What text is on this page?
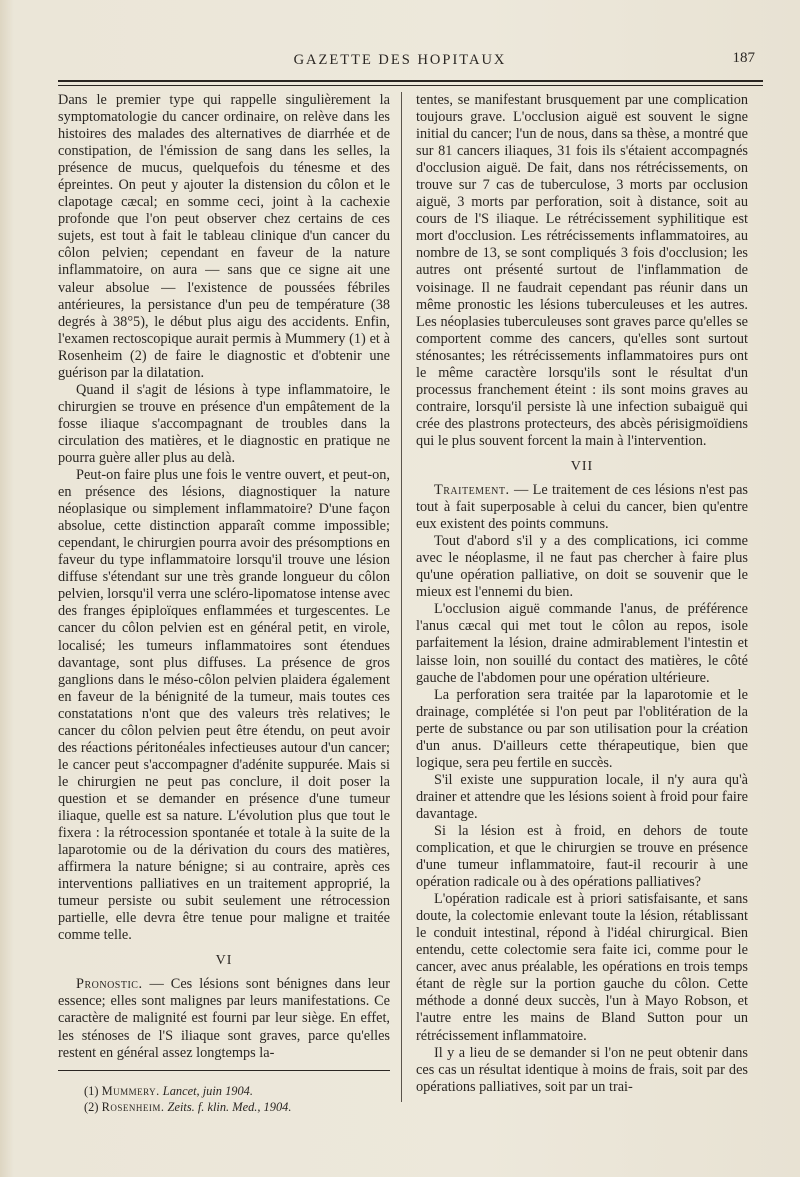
GAZETTE DES HOPITAUX	187

Dans le premier type qui rappelle singulièrement la symptomatologie du cancer ordinaire, on relève dans les histoires des malades des alternatives de diarrhée et de constipation, de l'émission de sang dans les selles, la présence de mucus, quelquefois du ténesme et des épreintes. On peut y ajouter la distension du côlon et le clapotage cæcal; en somme ceci, joint à la cachexie profonde que l'on peut observer chez certains de ces sujets, est tout à fait le tableau clinique d'un cancer du côlon pelvien; cependant en faveur de la nature inflammatoire, on aura — sans que ce signe ait une valeur absolue — l'existence de poussées fébriles antérieures, la persistance d'un peu de température (38 degrés à 38°5), le début plus aigu des accidents. Enfin, l'examen rectoscopique aurait permis à Mummery (1) et à Rosenheim (2) de faire le diagnostic et d'obtenir une guérison par la dilatation.

Quand il s'agit de lésions à type inflammatoire, le chirurgien se trouve en présence d'un empâtement de la fosse iliaque s'accompagnant de troubles dans la circulation des matières, et le diagnostic en pratique ne pourra guère aller plus au delà.

Peut-on faire plus une fois le ventre ouvert, et peut-on, en présence des lésions, diagnostiquer la nature néoplasique ou simplement inflammatoire? D'une façon absolue, cette distinction apparaît comme impossible; cependant, le chirurgien pourra avoir des présomptions en faveur du type inflammatoire lorsqu'il trouve une lésion diffuse s'étendant sur une très grande longueur du côlon pelvien, lorsqu'il verra une scléro-lipomatose intense avec des franges épiploïques enflammées et turgescentes. Le cancer du côlon pelvien est en général petit, en virole, localisé; les tumeurs inflammatoires sont étendues davantage, sont plus diffuses. La présence de gros ganglions dans le méso-côlon pelvien plaidera également en faveur de la bénignité de la tumeur, mais toutes ces constatations n'ont que des valeurs très relatives; le cancer du côlon pelvien peut être étendu, on peut avoir des réactions péritonéales infectieuses autour d'un cancer; le cancer peut s'accompagner d'adénite suppurée. Mais si le chirurgien ne peut pas conclure, il doit poser la question et se demander en présence d'une tumeur iliaque, quelle est sa nature. L'évolution plus que tout le fixera : la rétrocession spontanée et totale à la suite de la laparotomie ou de la dérivation du cours des matières, affirmera la nature bénigne; si au contraire, après ces interventions palliatives en un traitement approprié, la tumeur persiste ou subit seulement une rétrocession partielle, elle devra être tenue pour maligne et traitée comme telle.

VI

Pronostic. — Ces lésions sont bénignes dans leur essence; elles sont malignes par leurs manifestations. Ce caractère de malignité est fourni par leur siège. En effet, les sténoses de l'S iliaque sont graves, parce qu'elles restent en général assez longtemps la-

(1) Mummery. Lancet, juin 1904.

(2) Rosenheim. Zeits. f. klin. Med., 1904.

tentes, se manifestant brusquement par une complication toujours grave. L'occlusion aiguë est souvent le signe initial du cancer; l'un de nous, dans sa thèse, a montré que sur 81 cancers iliaques, 31 fois ils s'étaient accompagnés d'occlusion aiguë. De fait, dans nos rétrécissements, on trouve sur 7 cas de tuberculose, 3 morts par occlusion aiguë, 3 morts par perforation, soit à distance, soit au cours de l'S iliaque. Le rétrécissement syphilitique est mort d'occlusion. Les rétrécissements inflammatoires, au nombre de 13, se sont compliqués 3 fois d'occlusion; les autres ont présenté surtout de l'inflammation de voisinage. Il ne faudrait cependant pas réunir dans un même pronostic les lésions tuberculeuses et les autres. Les néoplasies tuberculeuses sont graves parce qu'elles se comportent comme des cancers, qu'elles sont surtout sténosantes; les rétrécissements inflammatoires purs ont le même caractère lorsqu'ils sont le résultat d'un processus franchement éteint : ils sont moins graves au contraire, lorsqu'il persiste là une infection subaiguë qui crée des plastrons protecteurs, des abcès périsigmoïdiens qui le plus souvent forcent la main à l'intervention.

VII

Traitement. — Le traitement de ces lésions n'est pas tout à fait superposable à celui du cancer, bien qu'entre eux existent des points communs.

Tout d'abord s'il y a des complications, ici comme avec le néoplasme, il ne faut pas chercher à faire plus qu'une opération palliative, on doit se souvenir que le mieux est l'ennemi du bien.

L'occlusion aiguë commande l'anus, de préférence l'anus cæcal qui met tout le côlon au repos, isole parfaitement la lésion, draine admirablement l'intestin et laisse loin, non souillé du contact des matières, le côté gauche de l'abdomen pour une opération ultérieure.

La perforation sera traitée par la laparotomie et le drainage, complétée si l'on peut par l'oblitération de la perte de substance ou par son utilisation pour la création d'un anus. D'ailleurs cette thérapeutique, bien que logique, sera peu fertile en succès.

S'il existe une suppuration locale, il n'y aura qu'à drainer et attendre que les lésions soient à froid pour faire davantage.

Si la lésion est à froid, en dehors de toute complication, et que le chirurgien se trouve en présence d'une tumeur inflammatoire, faut-il recourir à une opération radicale ou à des opérations palliatives?

L'opération radicale est à priori satisfaisante, et sans doute, la colectomie enlevant toute la lésion, rétablissant le conduit intestinal, répond à l'idéal chirurgical. Bien entendu, cette colectomie sera faite ici, comme pour le cancer, avec anus préalable, les opérations en trois temps étant de règle sur la portion gauche du côlon. Cette méthode a donné deux succès, l'un à Mayo Robson, et l'autre entre les mains de Bland Sutton pour un rétrécissement inflammatoire.

Il y a lieu de se demander si l'on ne peut obtenir dans ces cas un résultat identique à moins de frais, soit par des opérations palliatives, soit par un trai-
